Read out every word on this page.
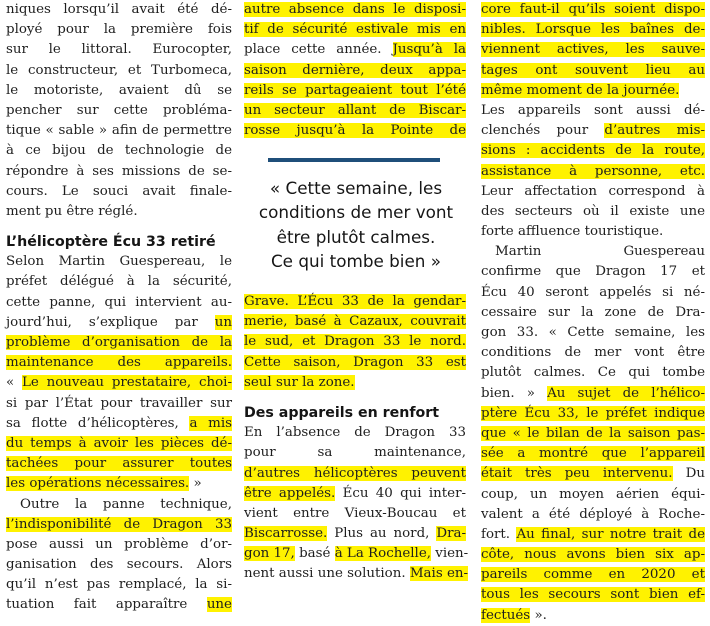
niques lorsqu’il avait été dé-
ployé pour la première fois
sur le littoral. Eurocopter,
le constructeur, et Turbomeca,
le motoriste, avaient dû se
pencher sur cette probléma-
tique « sable » afin de permettre
à ce bijou de technologie de
répondre à ses missions de se-
cours. Le souci avait finale-
ment pu être réglé.
L’hélicoptère Écu 33 retiré
Selon Martin Guespereau, le
préfet délégué à la sécurité,
cette panne, qui intervient au-
jourd’hui, s’explique par un
problème d’organisation de la
maintenance des appareils.
« Le nouveau prestataire, choi-
si par l’État pour travailler sur
sa flotte d’hélicoptères, a mis
du temps à avoir les pièces dé-
tachées pour assurer toutes
les opérations nécessaires. »
Outre la panne technique,
l’indisponibilité de Dragon 33
pose aussi un problème d’or-
ganisation des secours. Alors
qu’il n’est pas remplacé, la si-
tuation fait apparaître une
autre absence dans le disposi-
tif de sécurité estivale mis en
place cette année. Jusqu’à la
saison dernière, deux appa-
reils se partageaient tout l’été
un secteur allant de Biscar-
rosse jusqu’à la Pointe de
« Cette semaine, les
conditions de mer vont
être plutôt calmes.
Ce qui tombe bien »
Grave. L’Écu 33 de la gendar-
merie, basé à Cazaux, couvrait
le sud, et Dragon 33 le nord.
Cette saison, Dragon 33 est
seul sur la zone.
Des appareils en renfort
En l’absence de Dragon 33
pour sa maintenance,
d’autres hélicoptères peuvent
être appelés. Écu 40 qui inter-
vient entre Vieux-Boucau et
Biscarrosse. Plus au nord, Dra-
gon 17, basé à La Rochelle, vien-
nent aussi une solution. Mais en-
core faut-il qu’ils soient dispo-
nibles. Lorsque les baînes de-
viennent actives, les sauve-
tages ont souvent lieu au
même moment de la journée.
Les appareils sont aussi dé-
clenchés pour d’autres mis-
sions : accidents de la route,
assistance à personne, etc.
Leur affectation correspond à
des secteurs où il existe une
forte affluence touristique.
Martin Guespereau
confirme que Dragon 17 et
Écu 40 seront appelés si né-
cessaire sur la zone de Dra-
gon 33. « Cette semaine, les
conditions de mer vont être
plutôt calmes. Ce qui tombe
bien. » Au sujet de l’hélico-
ptère Écu 33, le préfet indique
que « le bilan de la saison pas-
sée a montré que l’appareil
était très peu intervenu. Du
coup, un moyen aérien équi-
valent a été déployé à Roche-
fort. Au final, sur notre trait de
côte, nous avons bien six ap-
pareils comme en 2020 et
tous les secours sont bien ef-
fectués ».
